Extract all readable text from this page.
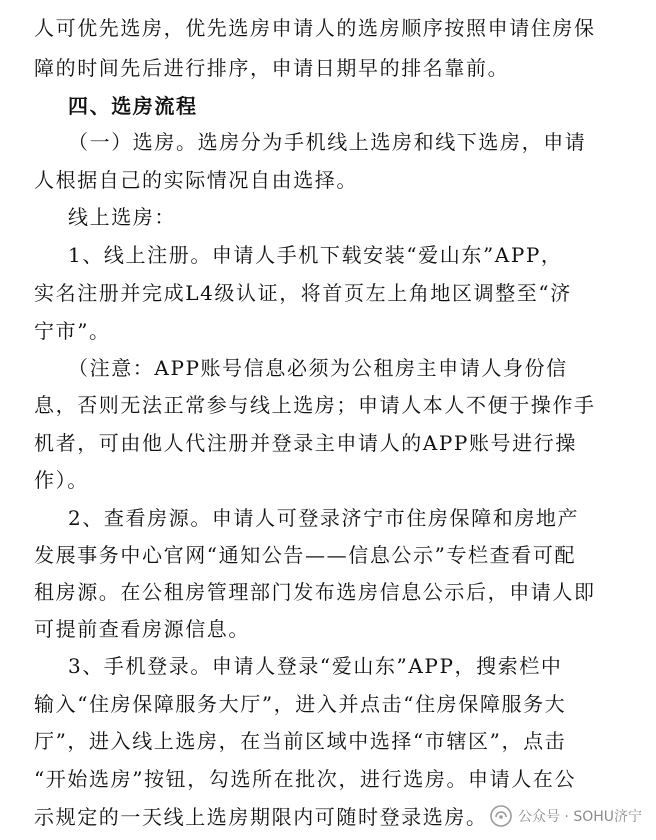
人可优先选房，优先选房申请人的选房顺序按照申请住房保
障的时间先后进行排序，申请日期早的排名靠前。
四、选房流程
（一）选房。选房分为手机线上选房和线下选房，申请
人根据自己的实际情况自由选择。
线上选房：
1、线上注册。申请人手机下载安装“爱山东”APP，
实名注册并完成L4级认证，将首页左上角地区调整至“济
宁市”。
（注意：APP账号信息必须为公租房主申请人身份信
息，否则无法正常参与线上选房；申请人本人不便于操作手
机者，可由他人代注册并登录主申请人的APP账号进行操
作）。
2、查看房源。申请人可登录济宁市住房保障和房地产
发展事务中心官网“通知公告——信息公示”专栏查看可配
租房源。在公租房管理部门发布选房信息公示后，申请人即
可提前查看房源信息。
3、手机登录。申请人登录“爱山东”APP，搜索栏中
输入“住房保障服务大厅”，进入并点击“住房保障服务大
厅”，进入线上选房，在当前区域中选择“市辖区”，点击
“开始选房”按钮，勾选所在批次，进行选房。申请人在公
示规定的一天线上选房期限内可随时登录选房。	公众号 · SOHU济宁
